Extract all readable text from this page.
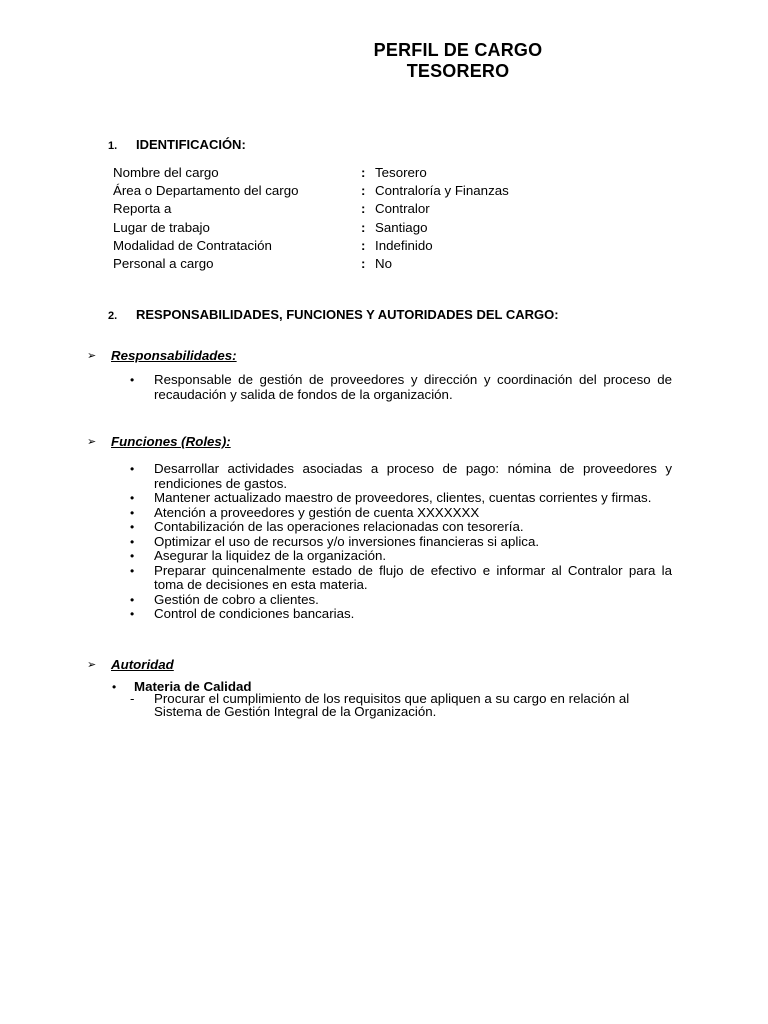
PERFIL DE CARGO
TESORERO
1. IDENTIFICACIÓN:
Nombre del cargo	: Tesorero
Área o Departamento del cargo	: Contraloría y Finanzas
Reporta a	: Contralor
Lugar de trabajo	: Santiago
Modalidad de Contratación	: Indefinido
Personal a cargo	: No
2. RESPONSABILIDADES, FUNCIONES Y AUTORIDADES DEL CARGO:
➢ Responsabilidades:
• Responsable de gestión de proveedores y dirección y coordinación del proceso de recaudación y salida de fondos de la organización.
➢ Funciones (Roles):
• Desarrollar actividades asociadas a proceso de pago: nómina de proveedores y rendiciones de gastos.
• Mantener actualizado maestro de proveedores, clientes, cuentas corrientes y firmas.
• Atención a proveedores y gestión de cuenta XXXXXXX
• Contabilización de las operaciones relacionadas con tesorería.
• Optimizar el uso de recursos y/o inversiones financieras si aplica.
• Asegurar la liquidez de la organización.
• Preparar quincenalmente estado de flujo de efectivo e informar al Contralor para la toma de decisiones en esta materia.
• Gestión de cobro a clientes.
• Control de condiciones bancarias.
➢ Autoridad
• Materia de Calidad
-	Procurar el cumplimiento de los requisitos que apliquen a su cargo en relación al Sistema de Gestión Integral de la Organización.
